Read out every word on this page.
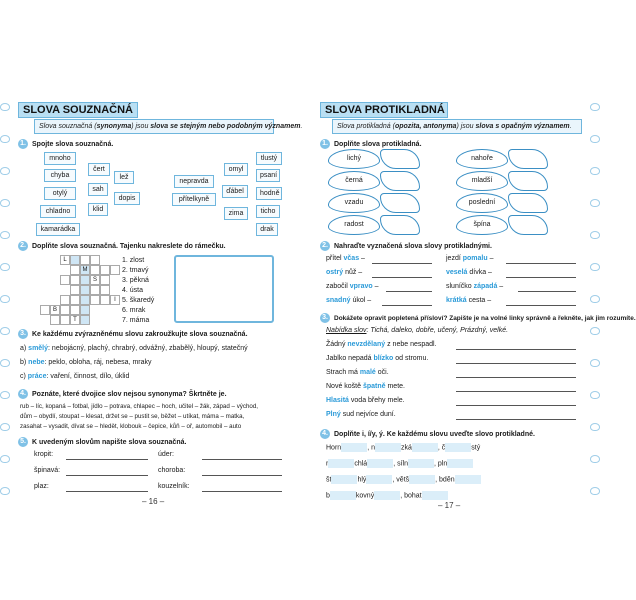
SLOVA SOUZNAČNÁ
Slova souznačná (synonyma) jsou slova se stejným nebo podobným významem.
1. Spojte slova souznačná.
mnoho
chyba
otylý
chladno
kamarádka
čert
lež
sah
dopis
klid
nepravda
přítelkyně
omyl
ďábel
zima
drak
tlustý
psaní
hodně
ticho
2. Doplňte slova souznačná. Tajenku nakreslete do rámečku.
L
M
S
I
B
T
1. zlost
2. tmavý
3. pěkná
4. ústa
5. škaredý
6. mrak
7. máma
3. Ke každému zvýrazněnému slovu zakroužkujte slova souznačná.
a) smělý: nebojácný, plachý, chrabrý, odvážný, zbabělý, hloupý, statečný
b) nebe: peklo, obloha, ráj, nebesa, mraky
c) práce: vaření, činnost, dílo, úklid
4. Poznáte, které dvojice slov nejsou synonyma? Škrtněte je.
rub – líc, kopaná – fotbal, jídlo – potrava, chlapec – hoch, učitel – žák, západ – východ,
dům – obydlí, stoupat – klesat, držet se – pustit se, běžet – utíkat, máma – matka,
zasahat – vysadit, dívat se – hledět, klobouk – čepice, kůň – oř, automobil – auto
5. K uvedeným slovům napište slova souznačná.
kropit:	úder:
špinavá:	choroba:
plaz:	kouzelník:
– 16 –
SLOVA PROTIKLADNÁ
Slova protikladná (opozita, antonyma) jsou slova s opačným významem.
1. Doplňte slova protikladná.
lichý
černá
vzadu
radost
nahoře
mladší
poslední
špína
2. Nahraďte vyznačená slova slovy protikladnými.
přítel včas –	jezdí pomalu –
ostrý nůž –	veselá dívka –
zabočil vpravo –	sluníčko západá –
snadný úkol –	krátká cesta –
3. Dokážete opravit popletená přísloví? Zapište je na volné linky správně a řekněte, jak jim rozumíte.
Nabídka slov: Tichá, daleko, dobře, učený, Prázdný, velké.
Žádný nevzdělaný z nebe nespadl.
Jablko nepadá blízko od stromu.
Strach má malé oči.
Nové koště špatně mete.
Hlasitá voda břehy mele.
Plný sud nejvíce duní.
4. Doplňte i, í/y, ý. Ke každému slovu uveďte slovo protikladné.
Horn	, n	zká	, č	stý
r	chlá	, síln	, pln
št	hlý	, větš	, bděn
b	kovný	, bohat
– 17 –
